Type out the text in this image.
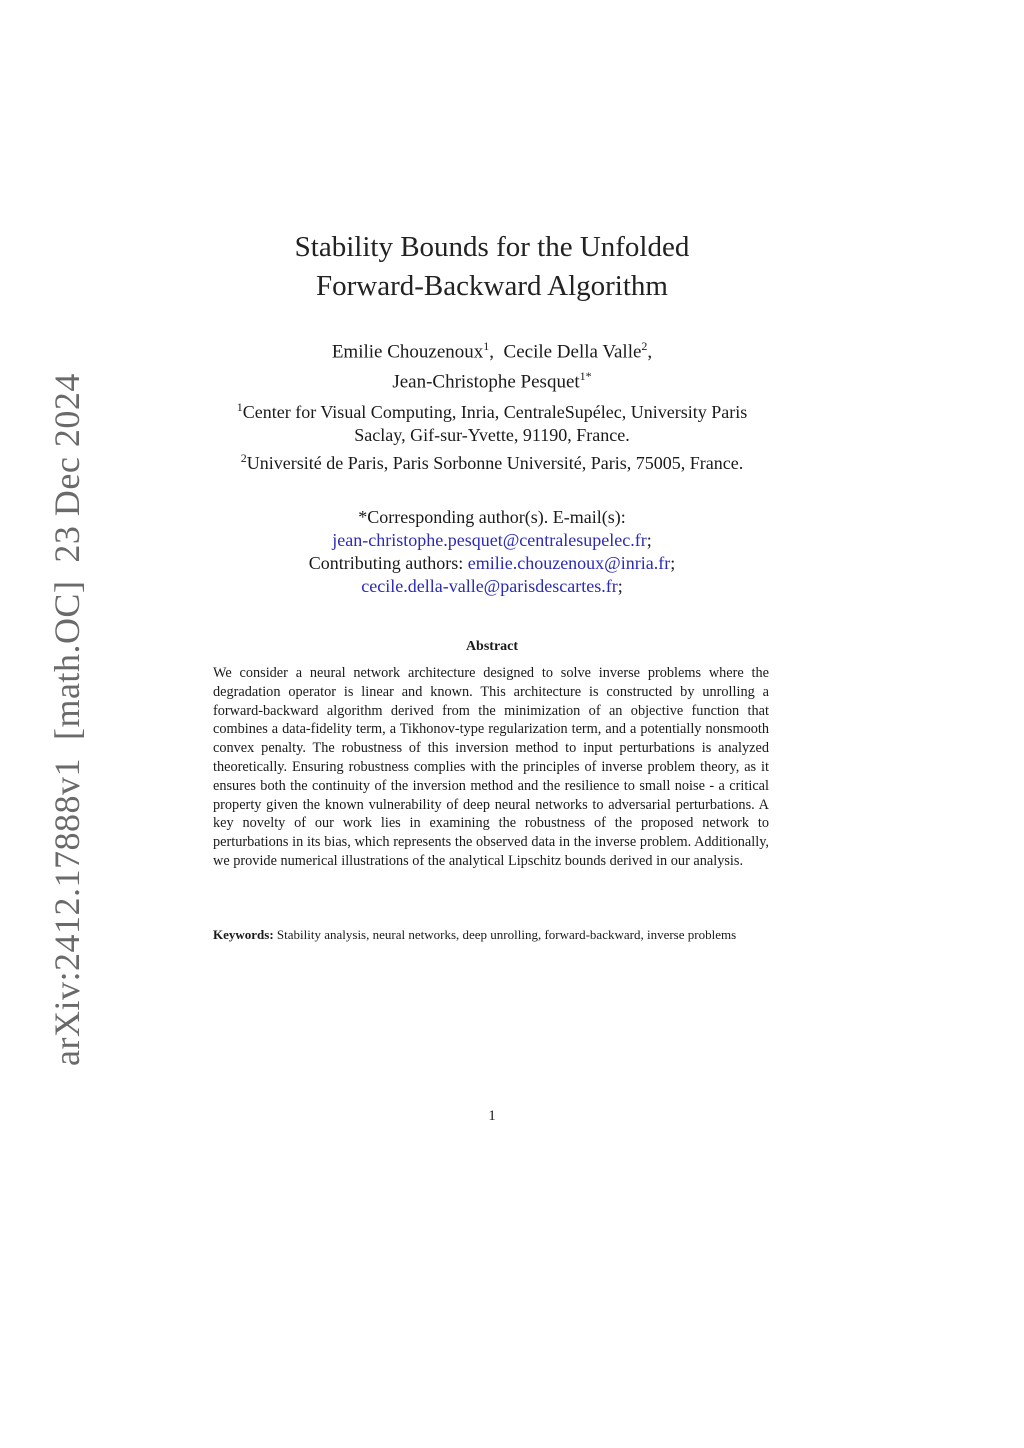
arXiv:2412.17888v1[math.OC]23 Dec 2024
Stability Bounds for the Unfolded
Forward-Backward Algorithm
Emilie Chouzenoux$^1$,  Cecile Della Valle$^2$,
Jean-Christophe Pesquet$^{1*}$
$^1$Center for Visual Computing, Inria, CentraleSupélec, University Paris
Saclay, Gif-sur-Yvette, 91190, France.
$^2$Université de Paris, Paris Sorbonne Université, Paris, 75005, France.
*Corresponding author(s). E-mail(s):
jean-christophe.pesquet@centralesupelec.fr;
Contributing authors: emilie.chouzenoux@inria.fr;
cecile.della-valle@parisdescartes.fr;
Abstract
We consider a neural network architecture designed to solve inverse problems where the degradation operator is linear and known. This architecture is constructed by unrolling a forward-backward algorithm derived from the minimization of an objective function that combines a data-fidelity term, a Tikhonov-type regularization term, and a potentially nonsmooth convex penalty. The robustness of this inversion method to input perturbations is analyzed theoretically. Ensuring robustness complies with the principles of inverse problem theory, as it ensures both the continuity of the inversion method and the resilience to small noise - a critical property given the known vulnerability of deep neural networks to adversarial perturbations. A key novelty of our work lies in examining the robustness of the proposed network to perturbations in its bias, which represents the observed data in the inverse problem. Additionally, we provide numerical illustrations of the analytical Lipschitz bounds derived in our analysis.
Keywords: Stability analysis, neural networks, deep unrolling, forward-backward, inverse problems
1
